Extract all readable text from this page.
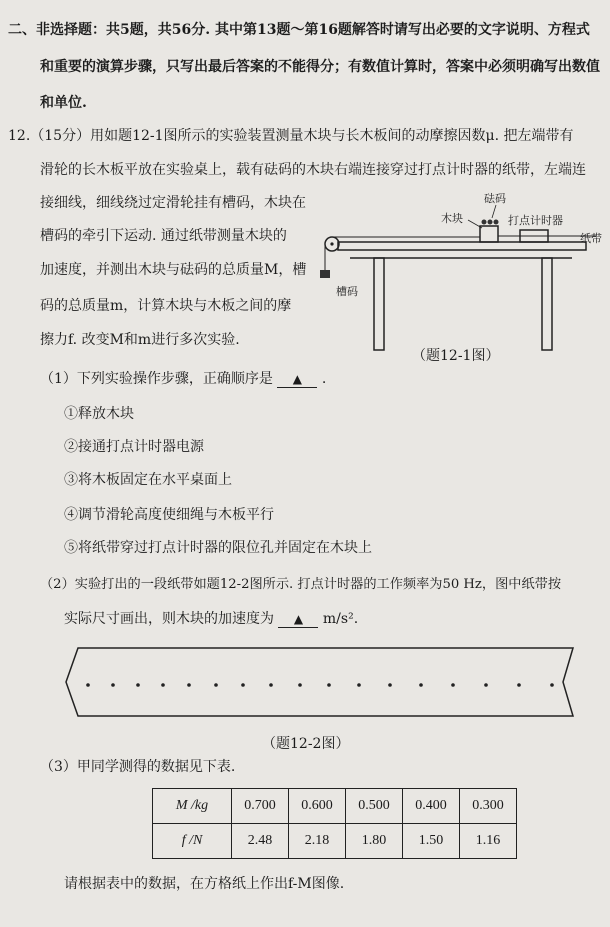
二、非选择题：共5题，共56分. 其中第13题～第16题解答时请写出必要的文字说明、方程式
和重要的演算步骤，只写出最后答案的不能得分；有数值计算时，答案中必须明确写出数值
和单位.
12.（15分）用如题12-1图所示的实验装置测量木块与长木板间的动摩擦因数μ. 把左端带有
滑轮的长木板平放在实验桌上，载有砝码的木块右端连接穿过打点计时器的纸带，左端连
接细线，细线绕过定滑轮挂有槽码，木块在
槽码的牵引下运动. 通过纸带测量木块的
加速度，并测出木块与砝码的总质量M，槽
码的总质量m，计算木块与木板之间的摩
擦力f. 改变M和m进行多次实验.
木块
砝码
打点计时器
纸带
槽码
（题12-1图）
（1）下列实验操作步骤，正确顺序是 ▲ .
①释放木块
②接通打点计时器电源
③将木板固定在水平桌面上
④调节滑轮高度使细绳与木板平行
⑤将纸带穿过打点计时器的限位孔并固定在木块上
（2）实验打出的一段纸带如题12-2图所示. 打点计时器的工作频率为50 Hz，图中纸带按
实际尺寸画出，则木块的加速度为 ▲ m/s².
（题12-2图）
（3）甲同学测得的数据见下表.
M /kg	0.700	0.600	0.500	0.400	0.300
f /N	2.48	2.18	1.80	1.50	1.16
请根据表中的数据，在方格纸上作出f-M图像.
